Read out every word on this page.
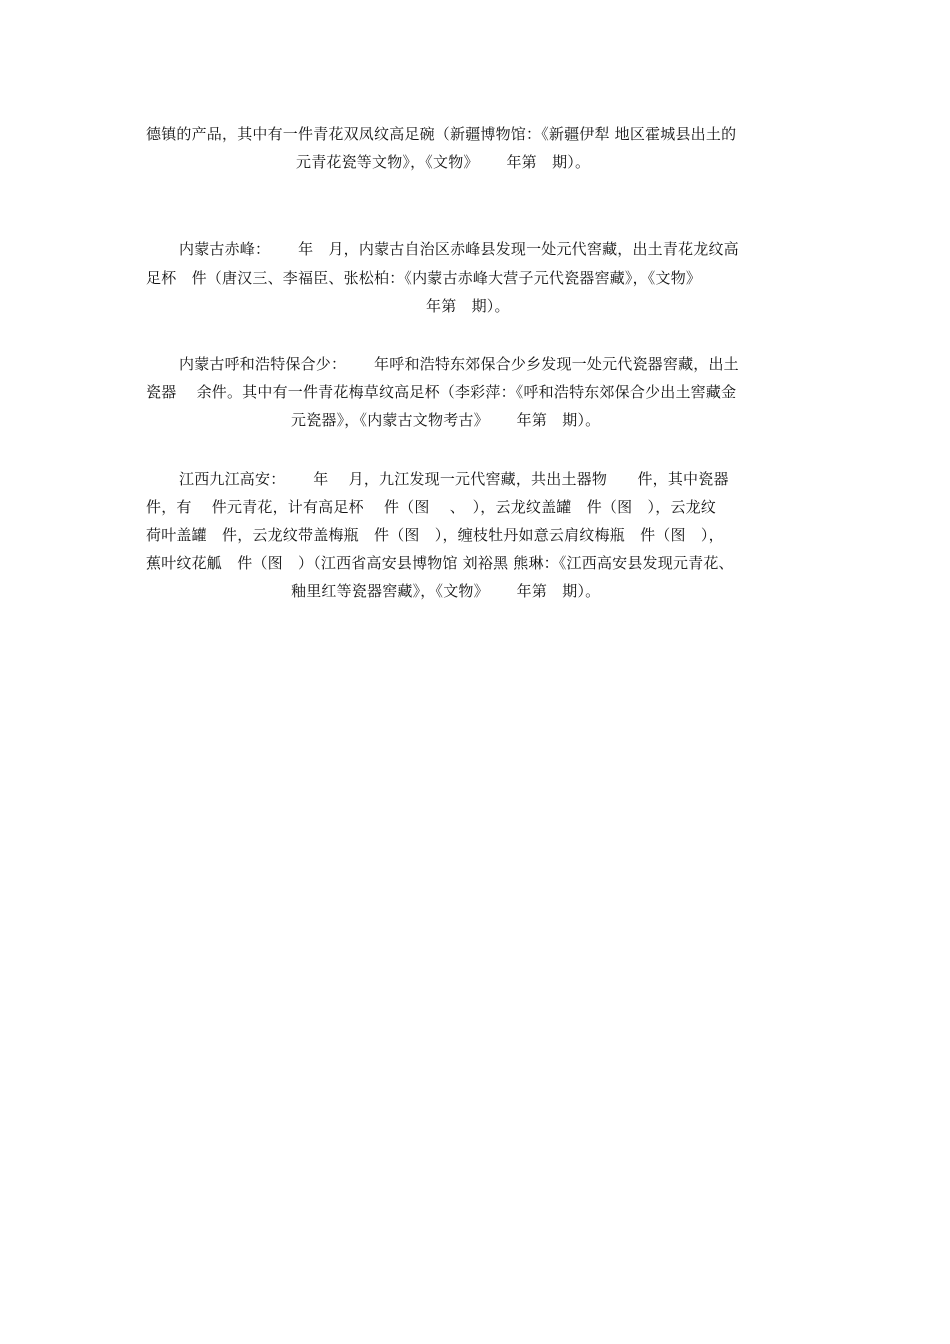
德镇的产品，其中有一件青花双凤纹高足碗（新疆博物馆：《新疆伊犁 地区霍城县出土的
元青花瓷等文物》，《文物》　　 年第　期）。
内蒙古赤峰：　　 年　月，内蒙古自治区赤峰县发现一处元代窖藏，出土青花龙纹高
足杯　件（唐汉三、李福臣、张松柏：《内蒙古赤峰大营子元代瓷器窖藏》，《文物》
年第　期）。
内蒙古呼和浩特保合少：　　 年呼和浩特东郊保合少乡发现一处元代瓷器窖藏，出土
瓷器　 余件。其中有一件青花梅草纹高足杯（李彩萍：《呼和浩特东郊保合少出土窖藏金
元瓷器》，《内蒙古文物考古》　　 年第　期）。
江西九江高安：　　 年　 月，九江发现一元代窖藏，共出土器物　　件，其中瓷器
件，有　 件元青花，计有高足杯　 件（图　 、　），云龙纹盖罐　件（图　），云龙纹
荷叶盖罐　件，云龙纹带盖梅瓶　件（图　），缠枝牡丹如意云肩纹梅瓶　件（图　），
蕉叶纹花觚　件（图　）（江西省高安县博物馆 刘裕黑 熊琳：《江西高安县发现元青花、
釉里红等瓷器窖藏》，《文物》　　 年第　期）。
